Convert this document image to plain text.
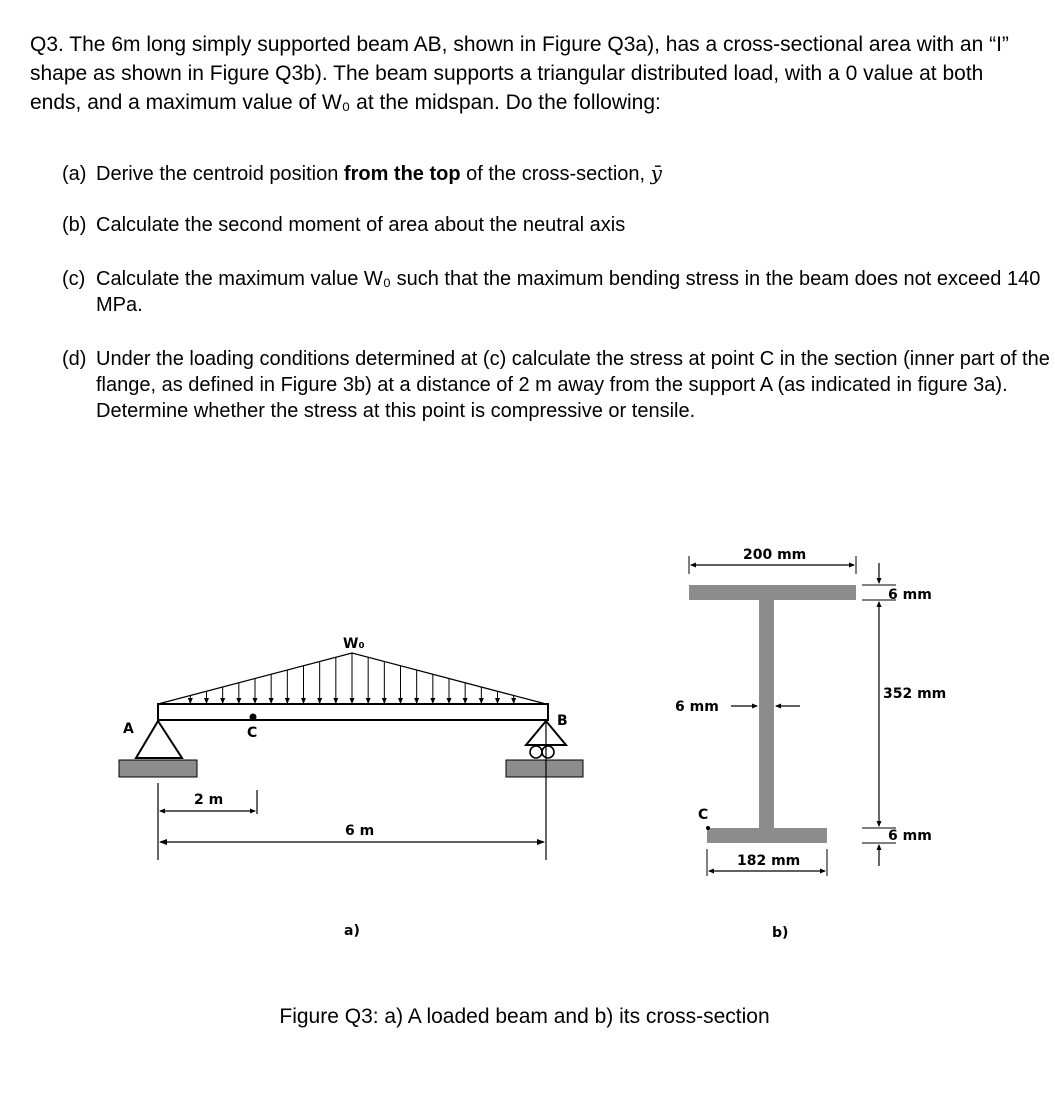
Q3. The 6m long simply supported beam AB, shown in Figure Q3a), has a cross-sectional area with an “I” shape as shown in Figure Q3b). The beam supports a triangular distributed load, with a 0 value at both ends, and a maximum value of W₀ at the midspan. Do the following:

(a) Derive the centroid position from the top of the cross-section, ȳ

(b) Calculate the second moment of area about the neutral axis

(c) Calculate the maximum value W₀ such that the maximum bending stress in the beam does not exceed 140 MPa.

(d) Under the loading conditions determined at (c) calculate the stress at point C in the section (inner part of the flange, as defined in Figure 3b) at a distance of 2 m away from the support A (as indicated in figure 3a). Determine whether the stress at this point is compressive or tensile.

W₀
A	B
C
2 m
6 m
a)
200 mm
6 mm
352 mm
6 mm
6 mm
C
182 mm
b)

Figure Q3: a) A loaded beam and b) its cross-section
